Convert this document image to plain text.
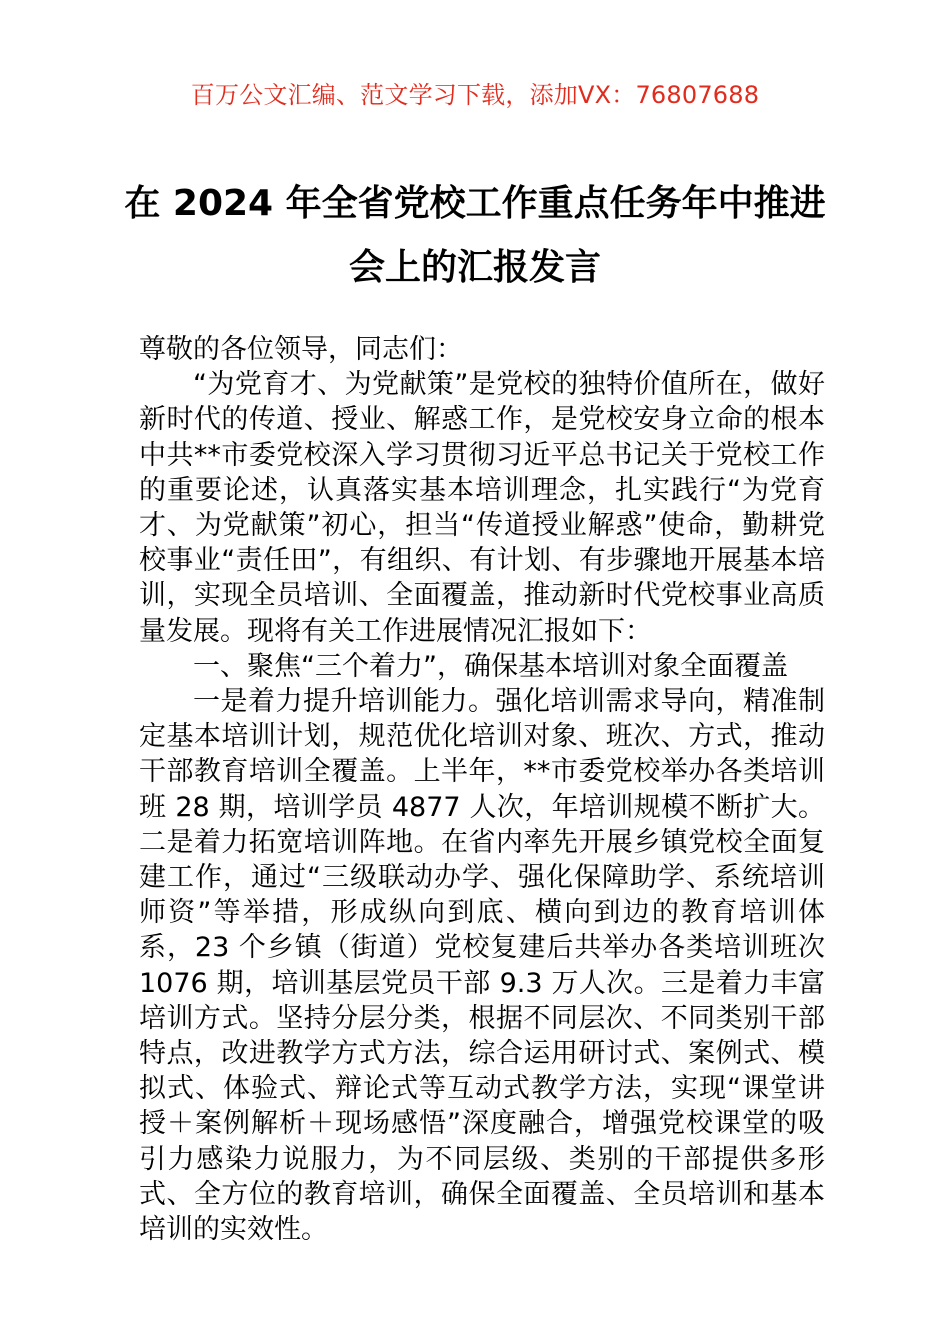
百万公文汇编、范文学习下载，添加VX：76807688
在 2024 年全省党校工作重点任务年中推进
会上的汇报发言

尊敬的各位领导，同志们：

“为党育才、为党献策”是党校的独特价值所在，做好新时代的传道、授业、解惑工作，是党校安身立命的根本中共**市委党校深入学习贯彻习近平总书记关于党校工作的重要论述，认真落实基本培训理念，扎实践行“为党育才、为党献策”初心，担当“传道授业解惑”使命，勤耕党校事业“责任田”，有组织、有计划、有步骤地开展基本培训，实现全员培训、全面覆盖，推动新时代党校事业高质量发展。现将有关工作进展情况汇报如下：

一、聚焦“三个着力”，确保基本培训对象全面覆盖

一是着力提升培训能力。强化培训需求导向，精准制定基本培训计划，规范优化培训对象、班次、方式，推动干部教育培训全覆盖。上半年，**市委党校举办各类培训班 28 期，培训学员 4877 人次，年培训规模不断扩大。二是着力拓宽培训阵地。在省内率先开展乡镇党校全面复建工作，通过“三级联动办学、强化保障助学、系统培训师资”等举措，形成纵向到底、横向到边的教育培训体系，23 个乡镇（街道）党校复建后共举办各类培训班次 1076 期，培训基层党员干部 9.3 万人次。三是着力丰富培训方式。坚持分层分类，根据不同层次、不同类别干部特点，改进教学方式方法，综合运用研讨式、案例式、模拟式、体验式、辩论式等互动式教学方法，实现“课堂讲授＋案例解析＋现场感悟”深度融合，增强党校课堂的吸引力感染力说服力，为不同层级、类别的干部提供多形式、全方位的教育培训，确保全面覆盖、全员培训和基本培训的实效性。
